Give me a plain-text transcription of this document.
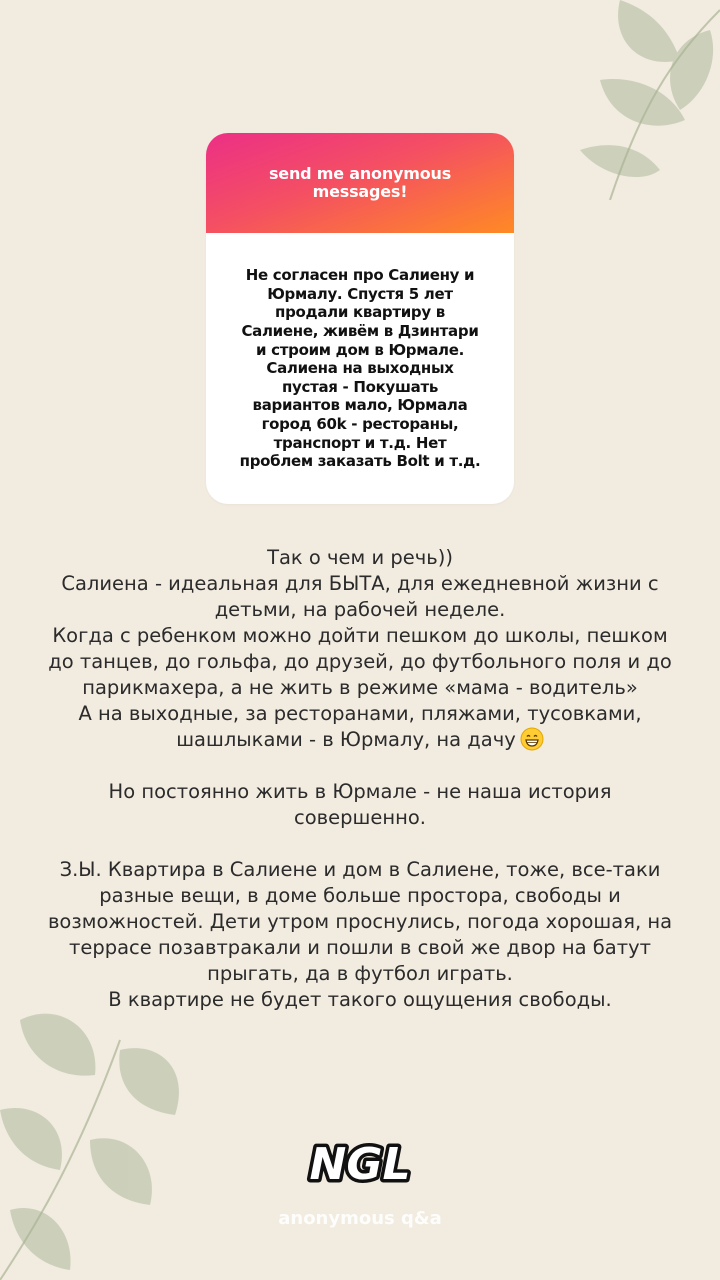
send me anonymous messages!

Не согласен про Салиену и
Юрмалу. Спустя 5 лет
продали квартиру в
Салиене, живём в Дзинтари
и строим дом в Юрмале.
Салиена на выходных
пустая - Покушать
вариантов мало, Юрмала
город 60k - рестораны,
транспорт и т.д. Нет
проблем заказать Bolt и т.д.

Так о чем и речь))
Салиена - идеальная для БЫТА, для ежедневной жизни с
детьми, на рабочей неделе.
Когда с ребенком можно дойти пешком до школы, пешком
до танцев, до гольфа, до друзей, до футбольного поля и до
парикмахера, а не жить в режиме «мама - водитель»
А на выходные, за ресторанами, пляжами, тусовками,
шашлыками - в Юрмалу, на дачу

Но постоянно жить в Юрмале - не наша история
совершенно.

З.Ы. Квартира в Салиене и дом в Салиене, тоже, все-таки
разные вещи, в доме больше простора, свободы и
возможностей. Дети утром проснулись, погода хорошая, на
террасе позавтракали и пошли в свой же двор на батут
прыгать, да в футбол играть.
В квартире не будет такого ощущения свободы.

NGL
anonymous q&a
